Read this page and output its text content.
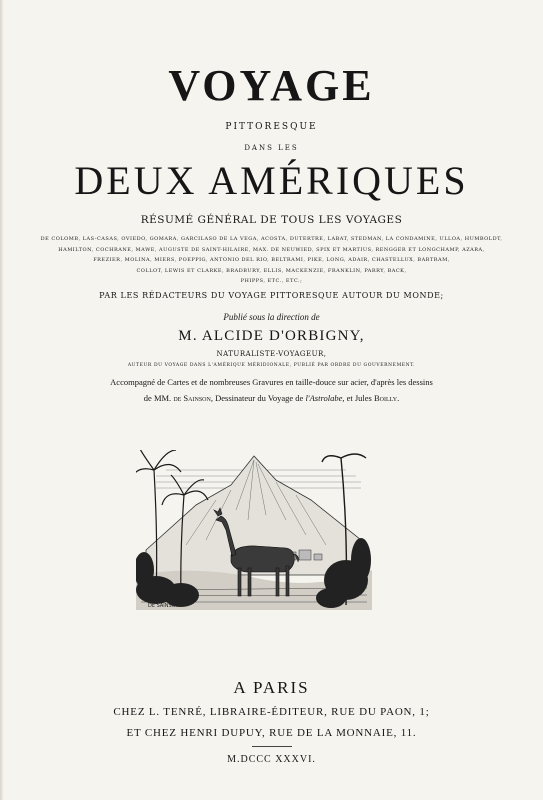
VOYAGE
PITTORESQUE
DANS LES
DEUX AMÉRIQUES
RÉSUMÉ GÉNÉRAL DE TOUS LES VOYAGES
DE COLOMB, LAS-CASAS, OVIEDO, GOMARA, GARCILASO DE LA VEGA, ACOSTA, DUTERTRE, LABAT, STEDMAN, LA CONDAMINE, ULLOA, HUMBOLDT,
HAMILTON, COCHRANE, MAWE, AUGUSTE DE SAINT-HILAIRE, MAX. DE NEUWIED, SPIX ET MARTIUS, RENGGER ET LONGCHAMP, AZARA,
FREZIER, MOLINA, MIERS, POEPPIG, ANTONIO DEL RIO, BELTRAMI, PIKE, LONG, ADAIR, CHASTELLUX, BARTRAM,
COLLOT, LEWIS ET CLARKE, BRADBURY, ELLIS, MACKENZIE, FRANKLIN, PARRY, BACK,
PHIPPS, ETC., ETC.;
PAR LES RÉDACTEURS DU VOYAGE PITTORESQUE AUTOUR DU MONDE;
Publié sous la direction de
M. ALCIDE D'ORBIGNY,
NATURALISTE-VOYAGEUR,
AUTEUR DU VOYAGE DANS L'AMÉRIQUE MÉRIDIONALE, PUBLIÉ PAR ORDRE DU GOUVERNEMENT.
Accompagné de Cartes et de nombreuses Gravures en taille-douce sur acier, d'après les dessins
de MM. de Sainson, Dessinateur du Voyage de l'Astrolabe, et Jules Boilly.
DE SAINSON
A PARIS
CHEZ L. TENRÉ, LIBRAIRE-ÉDITEUR, RUE DU PAON, 1;
ET CHEZ HENRI DUPUY, RUE DE LA MONNAIE, 11.
M.DCCC XXXVI.
